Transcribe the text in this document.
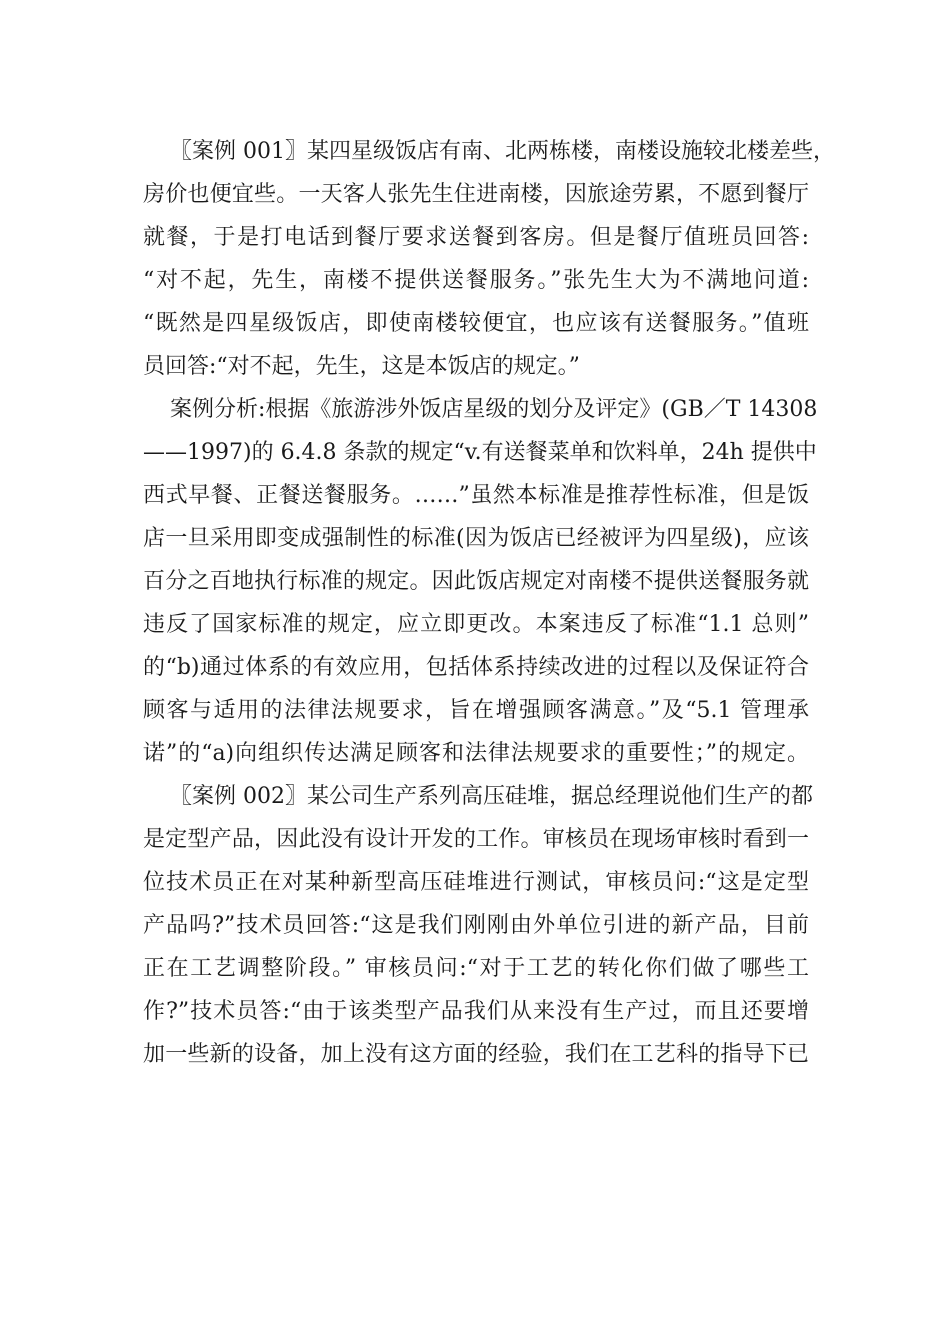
〖案例 001〗某四星级饭店有南、北两栋楼，南楼设施较北楼差些，
房价也便宜些。一天客人张先生住进南楼，因旅途劳累，不愿到餐厅
就餐，于是打电话到餐厅要求送餐到客房。但是餐厅值班员回答:
“对不起，先生，南楼不提供送餐服务。”张先生大为不满地问道:
“既然是四星级饭店，即使南楼较便宜，也应该有送餐服务。”值班
员回答:“对不起，先生，这是本饭店的规定。”
案例分析:根据《旅游涉外饭店星级的划分及评定》(GB／T 14308
——1997)的 6.4.8 条款的规定“v.有送餐菜单和饮料单，24h 提供中
西式早餐、正餐送餐服务。……”虽然本标准是推荐性标准，但是饭
店一旦采用即变成强制性的标准(因为饭店已经被评为四星级)，应该
百分之百地执行标准的规定。因此饭店规定对南楼不提供送餐服务就
违反了国家标准的规定，应立即更改。本案违反了标准“1.1 总则”
的“b)通过体系的有效应用，包括体系持续改进的过程以及保证符合
顾客与适用的法律法规要求，旨在增强顾客满意。”及“5.1 管理承
诺”的“a)向组织传达满足顾客和法律法规要求的重要性；”的规定。
〖案例 002〗某公司生产系列高压硅堆，据总经理说他们生产的都
是定型产品，因此没有设计开发的工作。审核员在现场审核时看到一
位技术员正在对某种新型高压硅堆进行测试，审核员问:“这是定型
产品吗?”技术员回答:“这是我们刚刚由外单位引进的新产品，目前
正在工艺调整阶段。” 审核员问:“对于工艺的转化你们做了哪些工
作?”技术员答:“由于该类型产品我们从来没有生产过，而且还要增
加一些新的设备，加上没有这方面的经验，我们在工艺科的指导下已
